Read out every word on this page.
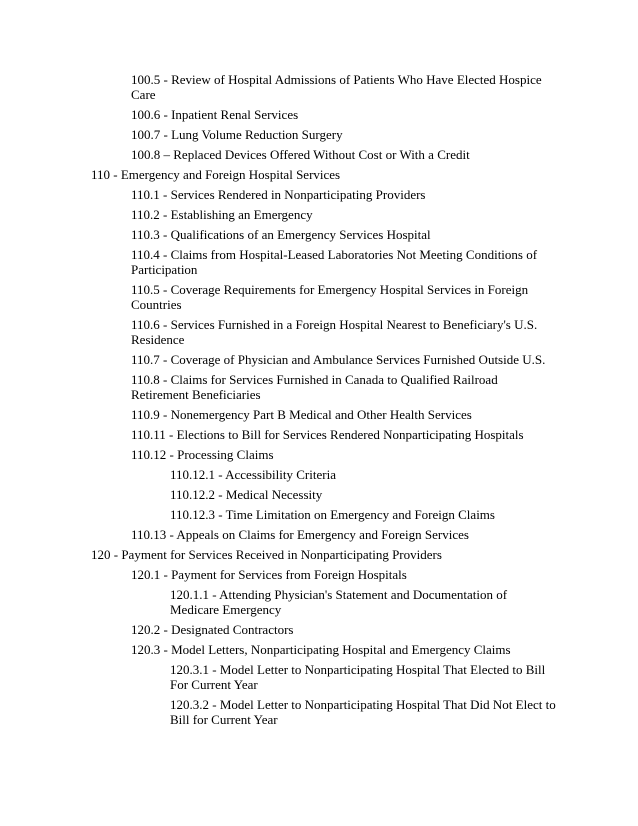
100.5 - Review of Hospital Admissions of Patients Who Have Elected Hospice Care
100.6 - Inpatient Renal Services
100.7 - Lung Volume Reduction Surgery
100.8 – Replaced Devices Offered Without Cost or With a Credit
110 - Emergency and Foreign Hospital Services
110.1 - Services Rendered in Nonparticipating Providers
110.2 - Establishing an Emergency
110.3 - Qualifications of an Emergency Services Hospital
110.4 - Claims from Hospital-Leased Laboratories Not Meeting Conditions of Participation
110.5 - Coverage Requirements for Emergency Hospital Services in Foreign Countries
110.6 - Services Furnished in a Foreign Hospital Nearest to Beneficiary's U.S. Residence
110.7 - Coverage of Physician and Ambulance Services Furnished Outside U.S.
110.8 - Claims for Services Furnished in Canada to Qualified Railroad Retirement Beneficiaries
110.9 - Nonemergency Part B Medical and Other Health Services
110.11 - Elections to Bill for Services Rendered Nonparticipating Hospitals
110.12 - Processing Claims
110.12.1 - Accessibility Criteria
110.12.2 - Medical Necessity
110.12.3 - Time Limitation on Emergency and Foreign Claims
110.13 - Appeals on Claims for Emergency and Foreign Services
120 - Payment for Services Received in Nonparticipating Providers
120.1 - Payment for Services from Foreign Hospitals
120.1.1 - Attending Physician's Statement and Documentation of Medicare Emergency
120.2 - Designated Contractors
120.3 - Model Letters, Nonparticipating Hospital and Emergency Claims
120.3.1 - Model Letter to Nonparticipating Hospital That Elected to Bill For Current Year
120.3.2 - Model Letter to Nonparticipating Hospital That Did Not Elect to Bill for Current Year
